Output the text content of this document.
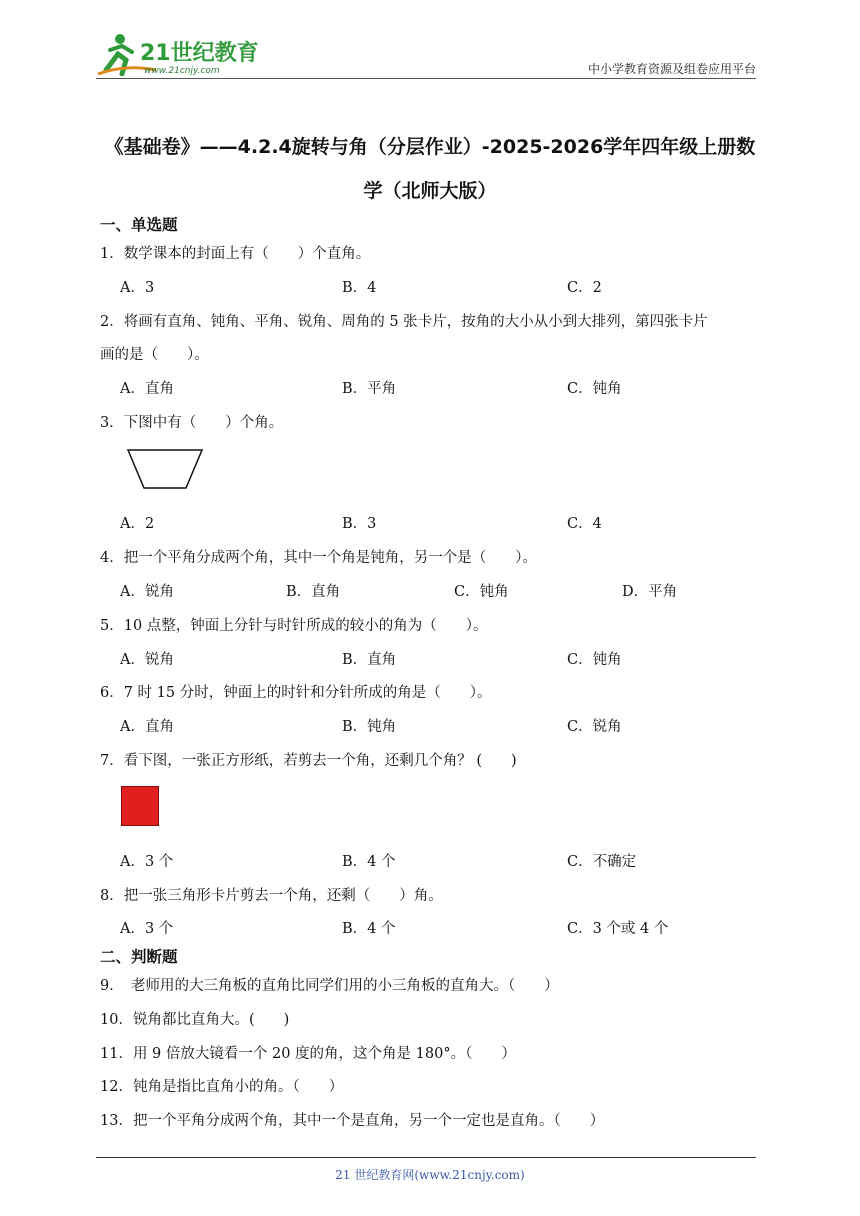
21世纪教育
www.21cnjy.com	中小学教育资源及组卷应用平台
《基础卷》——4.2.4旋转与角（分层作业）-2025-2026学年四年级上册数
学（北师大版）
一、单选题
1．数学课本的封面上有（　　）个直角。
A．3	B．4	C．2
2．将画有直角、钝角、平角、锐角、周角的 5 张卡片，按角的大小从小到大排列，第四张卡片
画的是（　　）。
A．直角	B．平角	C．钝角
3．下图中有（　　）个角。
A．2	B．3	C．4
4．把一个平角分成两个角，其中一个角是钝角，另一个是（　　）。
A．锐角	B．直角	C．钝角	D．平角
5．10 点整，钟面上分针与时针所成的较小的角为（　　）。
A．锐角	B．直角	C．钝角
6．7 时 15 分时，钟面上的时针和分针所成的角是（　　）。
A．直角	B．钝角	C．锐角
7．看下图，一张正方形纸，若剪去一个角，还剩几个角？ (　　)
A．3 个	B．4 个	C．不确定
8．把一张三角形卡片剪去一个角，还剩（　　）角。
A．3 个	B．4 个	C．3 个或 4 个
二、判断题
9．　老师用的大三角板的直角比同学们用的小三角板的直角大。（　　）
10．锐角都比直角大。(　　)
11．用 9 倍放大镜看一个 20 度的角，这个角是 180°。（　　）
12．钝角是指比直角小的角。（　　）
13．把一个平角分成两个角，其中一个是直角，另一个一定也是直角。（　　）
21 世纪教育网(www.21cnjy.com)
